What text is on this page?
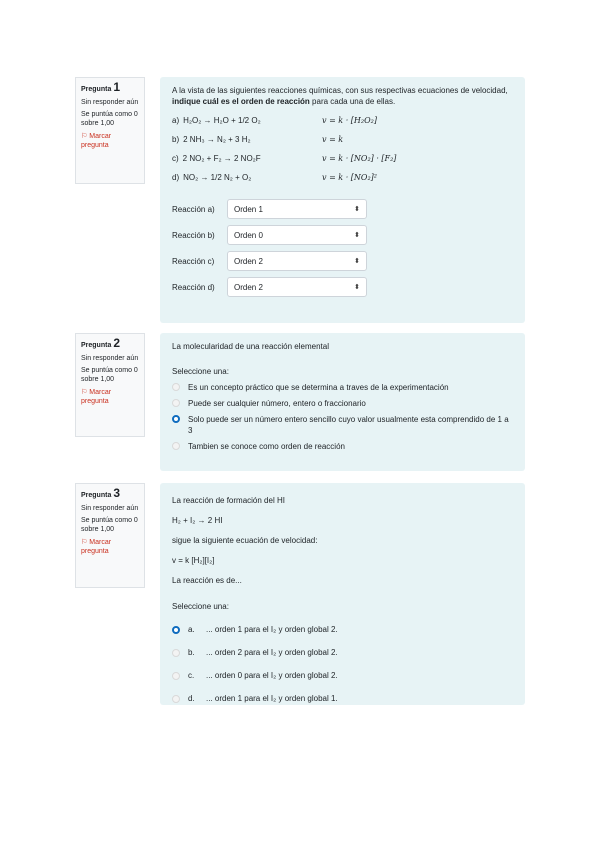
Pregunta 1
Sin responder aún
Se puntúa como 0 sobre 1,00
⚐ Marcar pregunta

A la vista de las siguientes reacciones químicas, con sus respectivas ecuaciones de velocidad, indique cuál es el orden de reacción para cada una de ellas.

a) H₂O₂ → H₂O + 1/2 O₂	v = k · [H₂O₂]
b) 2 NH₃ → N₂ + 3 H₂	v = k
c) 2 NO₂ + F₂ → 2 NO₂F	v = k · [NO₂] · [F₂]
d) NO₂ → 1/2 N₂ + O₂	v = k · [NO₂]²
Reacción a)	Orden 1	⬍
Reacción b)	Orden 0	⬍
Reacción c)	Orden 2	⬍
Reacción d)	Orden 2	⬍
Pregunta 2
Sin responder aún
Se puntúa como 0 sobre 1,00
⚐ Marcar pregunta

La molecularidad de una reacción elemental

Seleccione una:

Es un concepto práctico que se determina a traves de la experimentación
Puede ser cualquier número, entero o fraccionario
Solo puede ser un número entero sencillo cuyo valor usualmente esta comprendido de 1 a 3
Tambien se conoce como orden de reacción
Pregunta 3
Sin responder aún
Se puntúa como 0 sobre 1,00
⚐ Marcar pregunta

La reacción de formación del HI

H₂ + I₂ → 2 HI

sigue la siguiente ecuación de velocidad:

v = k [H₂][I₂]

La reacción es de...

Seleccione una:

a.	... orden 1 para el I₂ y orden global 2.
b.	... orden 2 para el I₂ y orden global 2.
c.	... orden 0 para el I₂ y orden global 2.
d.	... orden 1 para el I₂ y orden global 1.
